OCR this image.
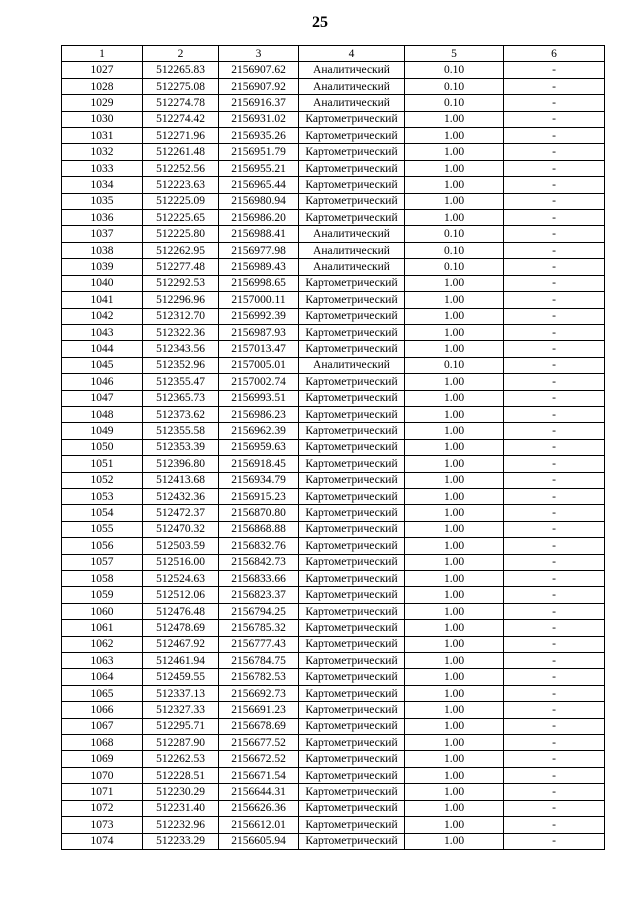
25
1	2	3	4	5	6
1027	512265.83	2156907.62	Аналитический	0.10	-
1028	512275.08	2156907.92	Аналитический	0.10	-
1029	512274.78	2156916.37	Аналитический	0.10	-
1030	512274.42	2156931.02	Картометрический	1.00	-
1031	512271.96	2156935.26	Картометрический	1.00	-
1032	512261.48	2156951.79	Картометрический	1.00	-
1033	512252.56	2156955.21	Картометрический	1.00	-
1034	512223.63	2156965.44	Картометрический	1.00	-
1035	512225.09	2156980.94	Картометрический	1.00	-
1036	512225.65	2156986.20	Картометрический	1.00	-
1037	512225.80	2156988.41	Аналитический	0.10	-
1038	512262.95	2156977.98	Аналитический	0.10	-
1039	512277.48	2156989.43	Аналитический	0.10	-
1040	512292.53	2156998.65	Картометрический	1.00	-
1041	512296.96	2157000.11	Картометрический	1.00	-
1042	512312.70	2156992.39	Картометрический	1.00	-
1043	512322.36	2156987.93	Картометрический	1.00	-
1044	512343.56	2157013.47	Картометрический	1.00	-
1045	512352.96	2157005.01	Аналитический	0.10	-
1046	512355.47	2157002.74	Картометрический	1.00	-
1047	512365.73	2156993.51	Картометрический	1.00	-
1048	512373.62	2156986.23	Картометрический	1.00	-
1049	512355.58	2156962.39	Картометрический	1.00	-
1050	512353.39	2156959.63	Картометрический	1.00	-
1051	512396.80	2156918.45	Картометрический	1.00	-
1052	512413.68	2156934.79	Картометрический	1.00	-
1053	512432.36	2156915.23	Картометрический	1.00	-
1054	512472.37	2156870.80	Картометрический	1.00	-
1055	512470.32	2156868.88	Картометрический	1.00	-
1056	512503.59	2156832.76	Картометрический	1.00	-
1057	512516.00	2156842.73	Картометрический	1.00	-
1058	512524.63	2156833.66	Картометрический	1.00	-
1059	512512.06	2156823.37	Картометрический	1.00	-
1060	512476.48	2156794.25	Картометрический	1.00	-
1061	512478.69	2156785.32	Картометрический	1.00	-
1062	512467.92	2156777.43	Картометрический	1.00	-
1063	512461.94	2156784.75	Картометрический	1.00	-
1064	512459.55	2156782.53	Картометрический	1.00	-
1065	512337.13	2156692.73	Картометрический	1.00	-
1066	512327.33	2156691.23	Картометрический	1.00	-
1067	512295.71	2156678.69	Картометрический	1.00	-
1068	512287.90	2156677.52	Картометрический	1.00	-
1069	512262.53	2156672.52	Картометрический	1.00	-
1070	512228.51	2156671.54	Картометрический	1.00	-
1071	512230.29	2156644.31	Картометрический	1.00	-
1072	512231.40	2156626.36	Картометрический	1.00	-
1073	512232.96	2156612.01	Картометрический	1.00	-
1074	512233.29	2156605.94	Картометрический	1.00	-
